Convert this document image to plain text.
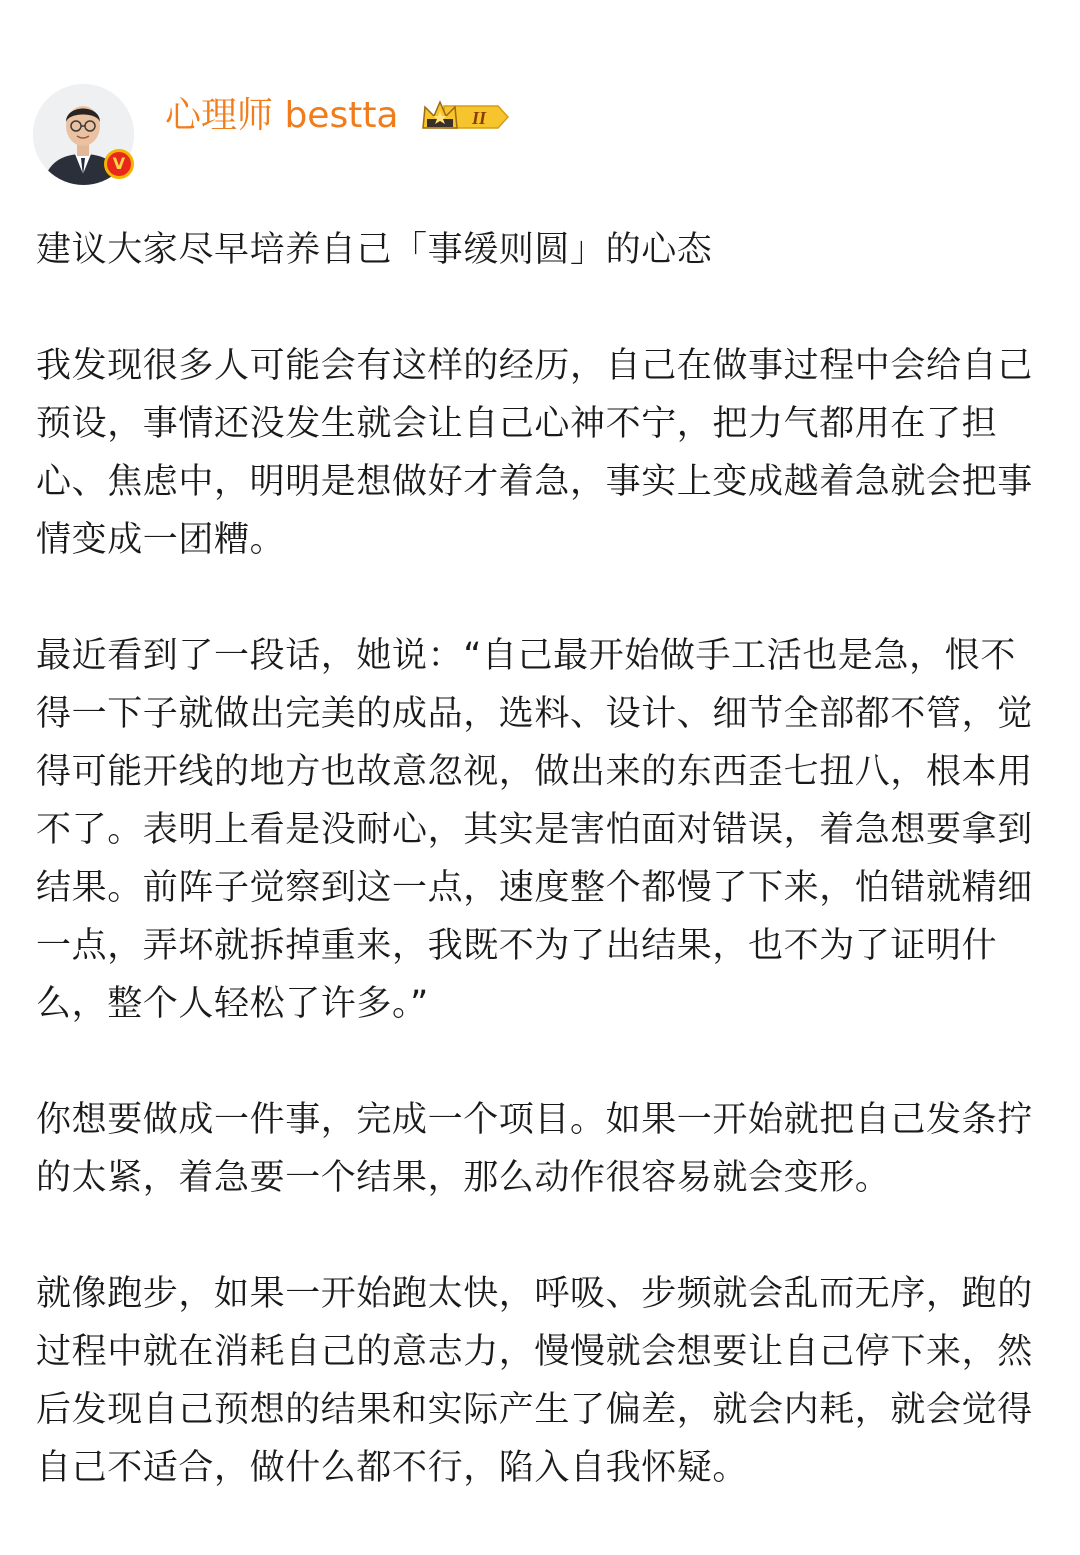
V
心理师 bestta	II

建议大家尽早培养自己「事缓则圆」的心态

我发现很多人可能会有这样的经历，自己在做事过程中会给自己预设，事情还没发生就会让自己心神不宁，把力气都用在了担心、焦虑中，明明是想做好才着急，事实上变成越着急就会把事情变成一团糟。

最近看到了一段话，她说：“自己最开始做手工活也是急，恨不得一下子就做出完美的成品，选料、设计、细节全部都不管，觉得可能开线的地方也故意忽视，做出来的东西歪七扭八，根本用不了。表明上看是没耐心，其实是害怕面对错误，着急想要拿到结果。前阵子觉察到这一点，速度整个都慢了下来，怕错就精细一点，弄坏就拆掉重来，我既不为了出结果，也不为了证明什么，整个人轻松了许多。”

你想要做成一件事，完成一个项目。如果一开始就把自己发条拧的太紧，着急要一个结果，那么动作很容易就会变形。

就像跑步，如果一开始跑太快，呼吸、步频就会乱而无序，跑的过程中就在消耗自己的意志力，慢慢就会想要让自己停下来，然后发现自己预想的结果和实际产生了偏差，就会内耗，就会觉得自己不适合，做什么都不行，陷入自我怀疑。
